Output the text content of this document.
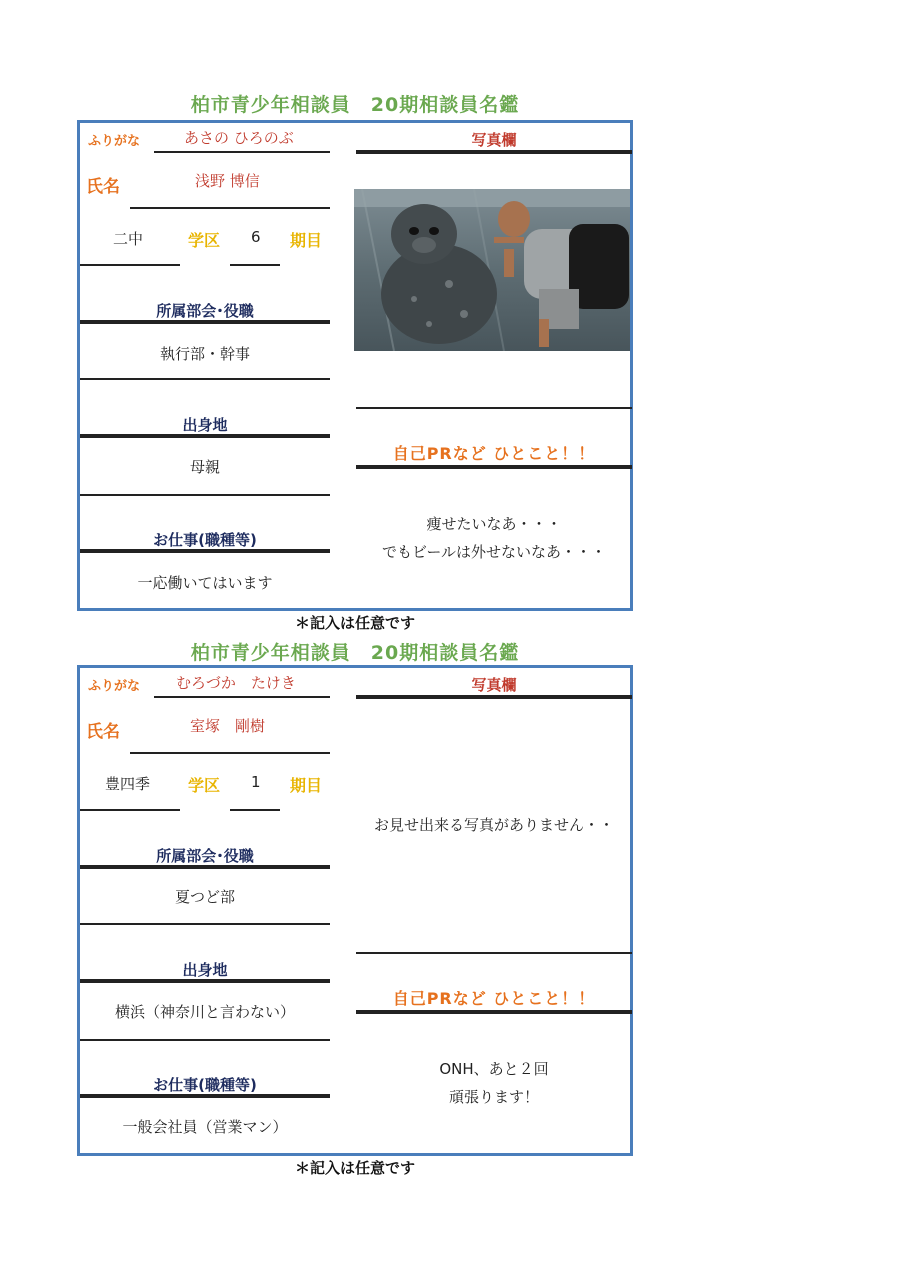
柏市青少年相談員　20期相談員名鑑
ふりがな	あさの ひろのぶ
氏名	浅野 博信
二中	学区 6 期目
所属部会･役職
執行部・幹事
出身地
母親
お仕事(職種等)
一応働いてはいます
写真欄
自己PRなど ひとこと！！
痩せたいなあ・・・
でもビールは外せないなあ・・・
＊記入は任意です
柏市青少年相談員　20期相談員名鑑
ふりがな むろづか　たけき
氏名	室塚　剛樹
豊四季 学区 1 期目
所属部会･役職
夏つど部
出身地
横浜（神奈川と言わない）
お仕事(職種等)
一般会社員（営業マン）
写真欄
お見せ出来る写真がありません・・
自己PRなど ひとこと！！
ONH、あと２回
頑張ります！
＊記入は任意です
